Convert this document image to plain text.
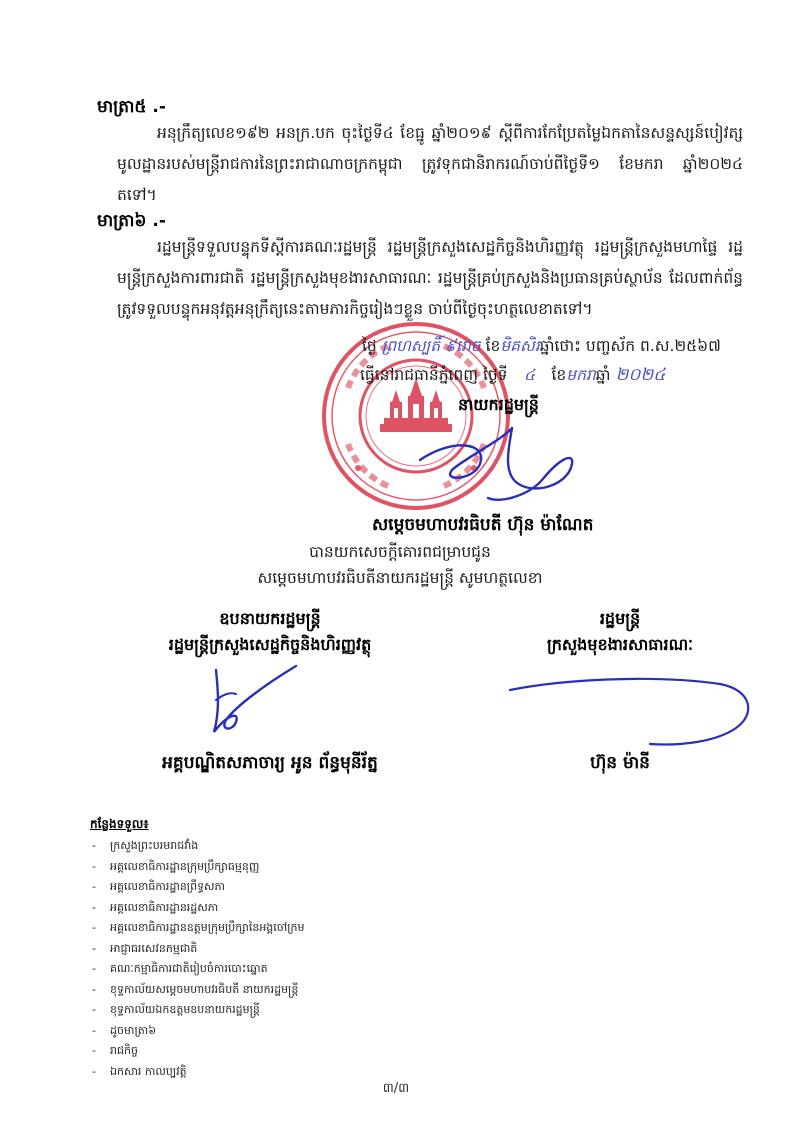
មាត្រា៥ .-
អនុក្រឹត្យលេខ១៩២ អនក្រ.បក ចុះថ្ងៃទី៤ ខែធ្នូ ឆ្នាំ២០១៩ ស្ដីពីការកែប្រែតម្លៃឯកតានៃសន្ទស្សន៍បៀវត្សមូលដ្ឋានរបស់មន្ត្រីរាជការនៃព្រះរាជាណាចក្រកម្ពុជា ត្រូវទុកជានិរាករណ៍ចាប់ពីថ្ងៃទី១ ខែមករា ឆ្នាំ២០២៤ តទៅ។
មាត្រា៦ .-
រដ្ឋមន្ត្រីទទួលបន្ទុកទីស្ដីការគណៈរដ្ឋមន្ត្រី រដ្ឋមន្ត្រីក្រសួងសេដ្ឋកិច្ចនិងហិរញ្ញវត្ថុ រដ្ឋមន្ត្រីក្រសួងមហាផ្ទៃ រដ្ឋមន្ត្រីក្រសួងការពារជាតិ រដ្ឋមន្ត្រីក្រសួងមុខងារសាធារណៈ រដ្ឋមន្ត្រីគ្រប់ក្រសួងនិងប្រធានគ្រប់ស្ថាប័ន ដែលពាក់ព័ន្ធ ត្រូវទទួលបន្ទុកអនុវត្តអនុក្រឹត្យនេះតាមភារកិច្ចរៀងៗខ្លួន ចាប់ពីថ្ងៃចុះហត្ថលេខាតទៅ។
ថ្ងៃ ព្រហស្បតិ៍ ៩រោច ខែមិគសិរឆ្នាំថោះ បញ្ចស័ក ព.ស.២៥៦៧
ធ្វើនៅរាជធានីភ្នំពេញ ថ្ងៃទី ៤ ខែមករាឆ្នាំ ២០២៤
នាយករដ្ឋមន្ត្រី
សម្ដេចមហាបវរធិបតី ហ៊ុន ម៉ាណែត
បានយកសេចក្ដីគោរពជម្រាបជូន
សម្ដេចមហាបវរធិបតីនាយករដ្ឋមន្ត្រី សូមហត្ថលេខា
ឧបនាយករដ្ឋមន្ត្រី
រដ្ឋមន្ត្រីក្រសួងសេដ្ឋកិច្ចនិងហិរញ្ញវត្ថុ
អគ្គបណ្ឌិតសភាចារ្យ អូន ព័ន្ធមុនីរ័ត្ន
រដ្ឋមន្ត្រី
ក្រសួងមុខងារសាធារណៈ
ហ៊ុន ម៉ានី
កន្លែងទទួល៖
- ក្រសួងព្រះបរមរាជវាំង
- អគ្គលេខាធិការដ្ឋានក្រុមប្រឹក្សាធម្មនុញ្ញ
- អគ្គលេខាធិការដ្ឋានព្រឹទ្ធសភា
- អគ្គលេខាធិការដ្ឋានរដ្ឋសភា
- អគ្គលេខាធិការដ្ឋានឧត្តមក្រុមប្រឹក្សានៃអង្គចៅក្រម
- អាជ្ញាធរសេវនកម្មជាតិ
- គណៈកម្មាធិការជាតិរៀបចំការបោះឆ្នោត
- ខុទ្ទកាល័យសម្ដេចមហាបវរធិបតី នាយករដ្ឋមន្ត្រី
- ខុទ្ទកាល័យឯកឧត្តមឧបនាយករដ្ឋមន្ត្រី
- ដូចមាត្រា៦
- រាជកិច្ច
- ឯកសារ កាលប្បវត្តិ
៣/៣
